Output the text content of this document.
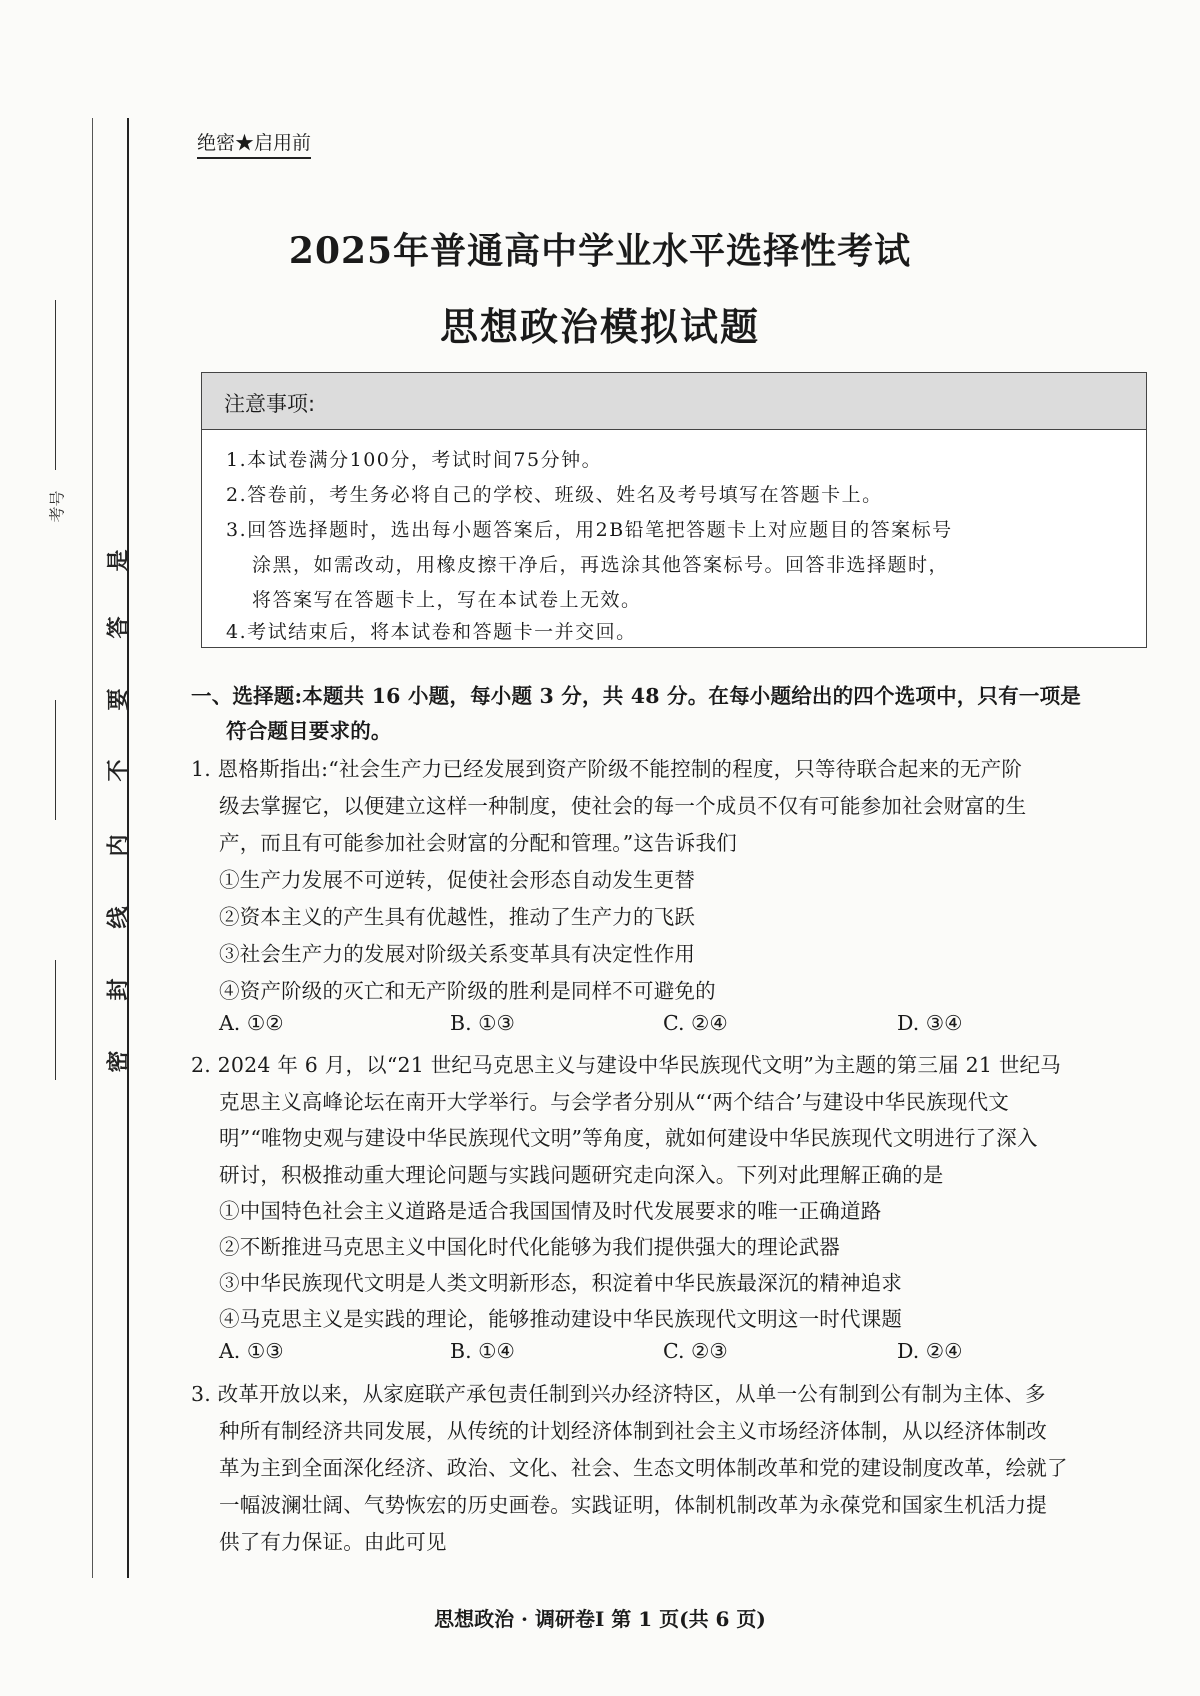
考号
是
答
要
不
内
线
封
密
绝密★启用前
2025年普通高中学业水平选择性考试
思想政治模拟试题
注意事项:
1.本试卷满分100分，考试时间75分钟。
2.答卷前，考生务必将自己的学校、班级、姓名及考号填写在答题卡上。
3.回答选择题时，选出每小题答案后，用2B铅笔把答题卡上对应题目的答案标号
涂黑，如需改动，用橡皮擦干净后，再选涂其他答案标号。回答非选择题时，
将答案写在答题卡上，写在本试卷上无效。
4.考试结束后，将本试卷和答题卡一并交回。
一、选择题:本题共 16 小题，每小题 3 分，共 48 分。在每小题给出的四个选项中，只有一项是
符合题目要求的。
1. 恩格斯指出:“社会生产力已经发展到资产阶级不能控制的程度，只等待联合起来的无产阶
级去掌握它，以便建立这样一种制度，使社会的每一个成员不仅有可能参加社会财富的生
产，而且有可能参加社会财富的分配和管理。”这告诉我们
①生产力发展不可逆转，促使社会形态自动发生更替
②资本主义的产生具有优越性，推动了生产力的飞跃
③社会生产力的发展对阶级关系变革具有决定性作用
④资产阶级的灭亡和无产阶级的胜利是同样不可避免的
A. ①②	B. ①③	C. ②④	D. ③④
2. 2024 年 6 月，以“21 世纪马克思主义与建设中华民族现代文明”为主题的第三届 21 世纪马
克思主义高峰论坛在南开大学举行。与会学者分别从“‘两个结合’与建设中华民族现代文
明”“唯物史观与建设中华民族现代文明”等角度，就如何建设中华民族现代文明进行了深入
研讨，积极推动重大理论问题与实践问题研究走向深入。下列对此理解正确的是
①中国特色社会主义道路是适合我国国情及时代发展要求的唯一正确道路
②不断推进马克思主义中国化时代化能够为我们提供强大的理论武器
③中华民族现代文明是人类文明新形态，积淀着中华民族最深沉的精神追求
④马克思主义是实践的理论，能够推动建设中华民族现代文明这一时代课题
A. ①③	B. ①④	C. ②③	D. ②④
3. 改革开放以来，从家庭联产承包责任制到兴办经济特区，从单一公有制到公有制为主体、多
种所有制经济共同发展，从传统的计划经济体制到社会主义市场经济体制，从以经济体制改
革为主到全面深化经济、政治、文化、社会、生态文明体制改革和党的建设制度改革，绘就了
一幅波澜壮阔、气势恢宏的历史画卷。实践证明，体制机制改革为永葆党和国家生机活力提
供了有力保证。由此可见
思想政治 · 调研卷Ⅰ 第 1 页(共 6 页)
